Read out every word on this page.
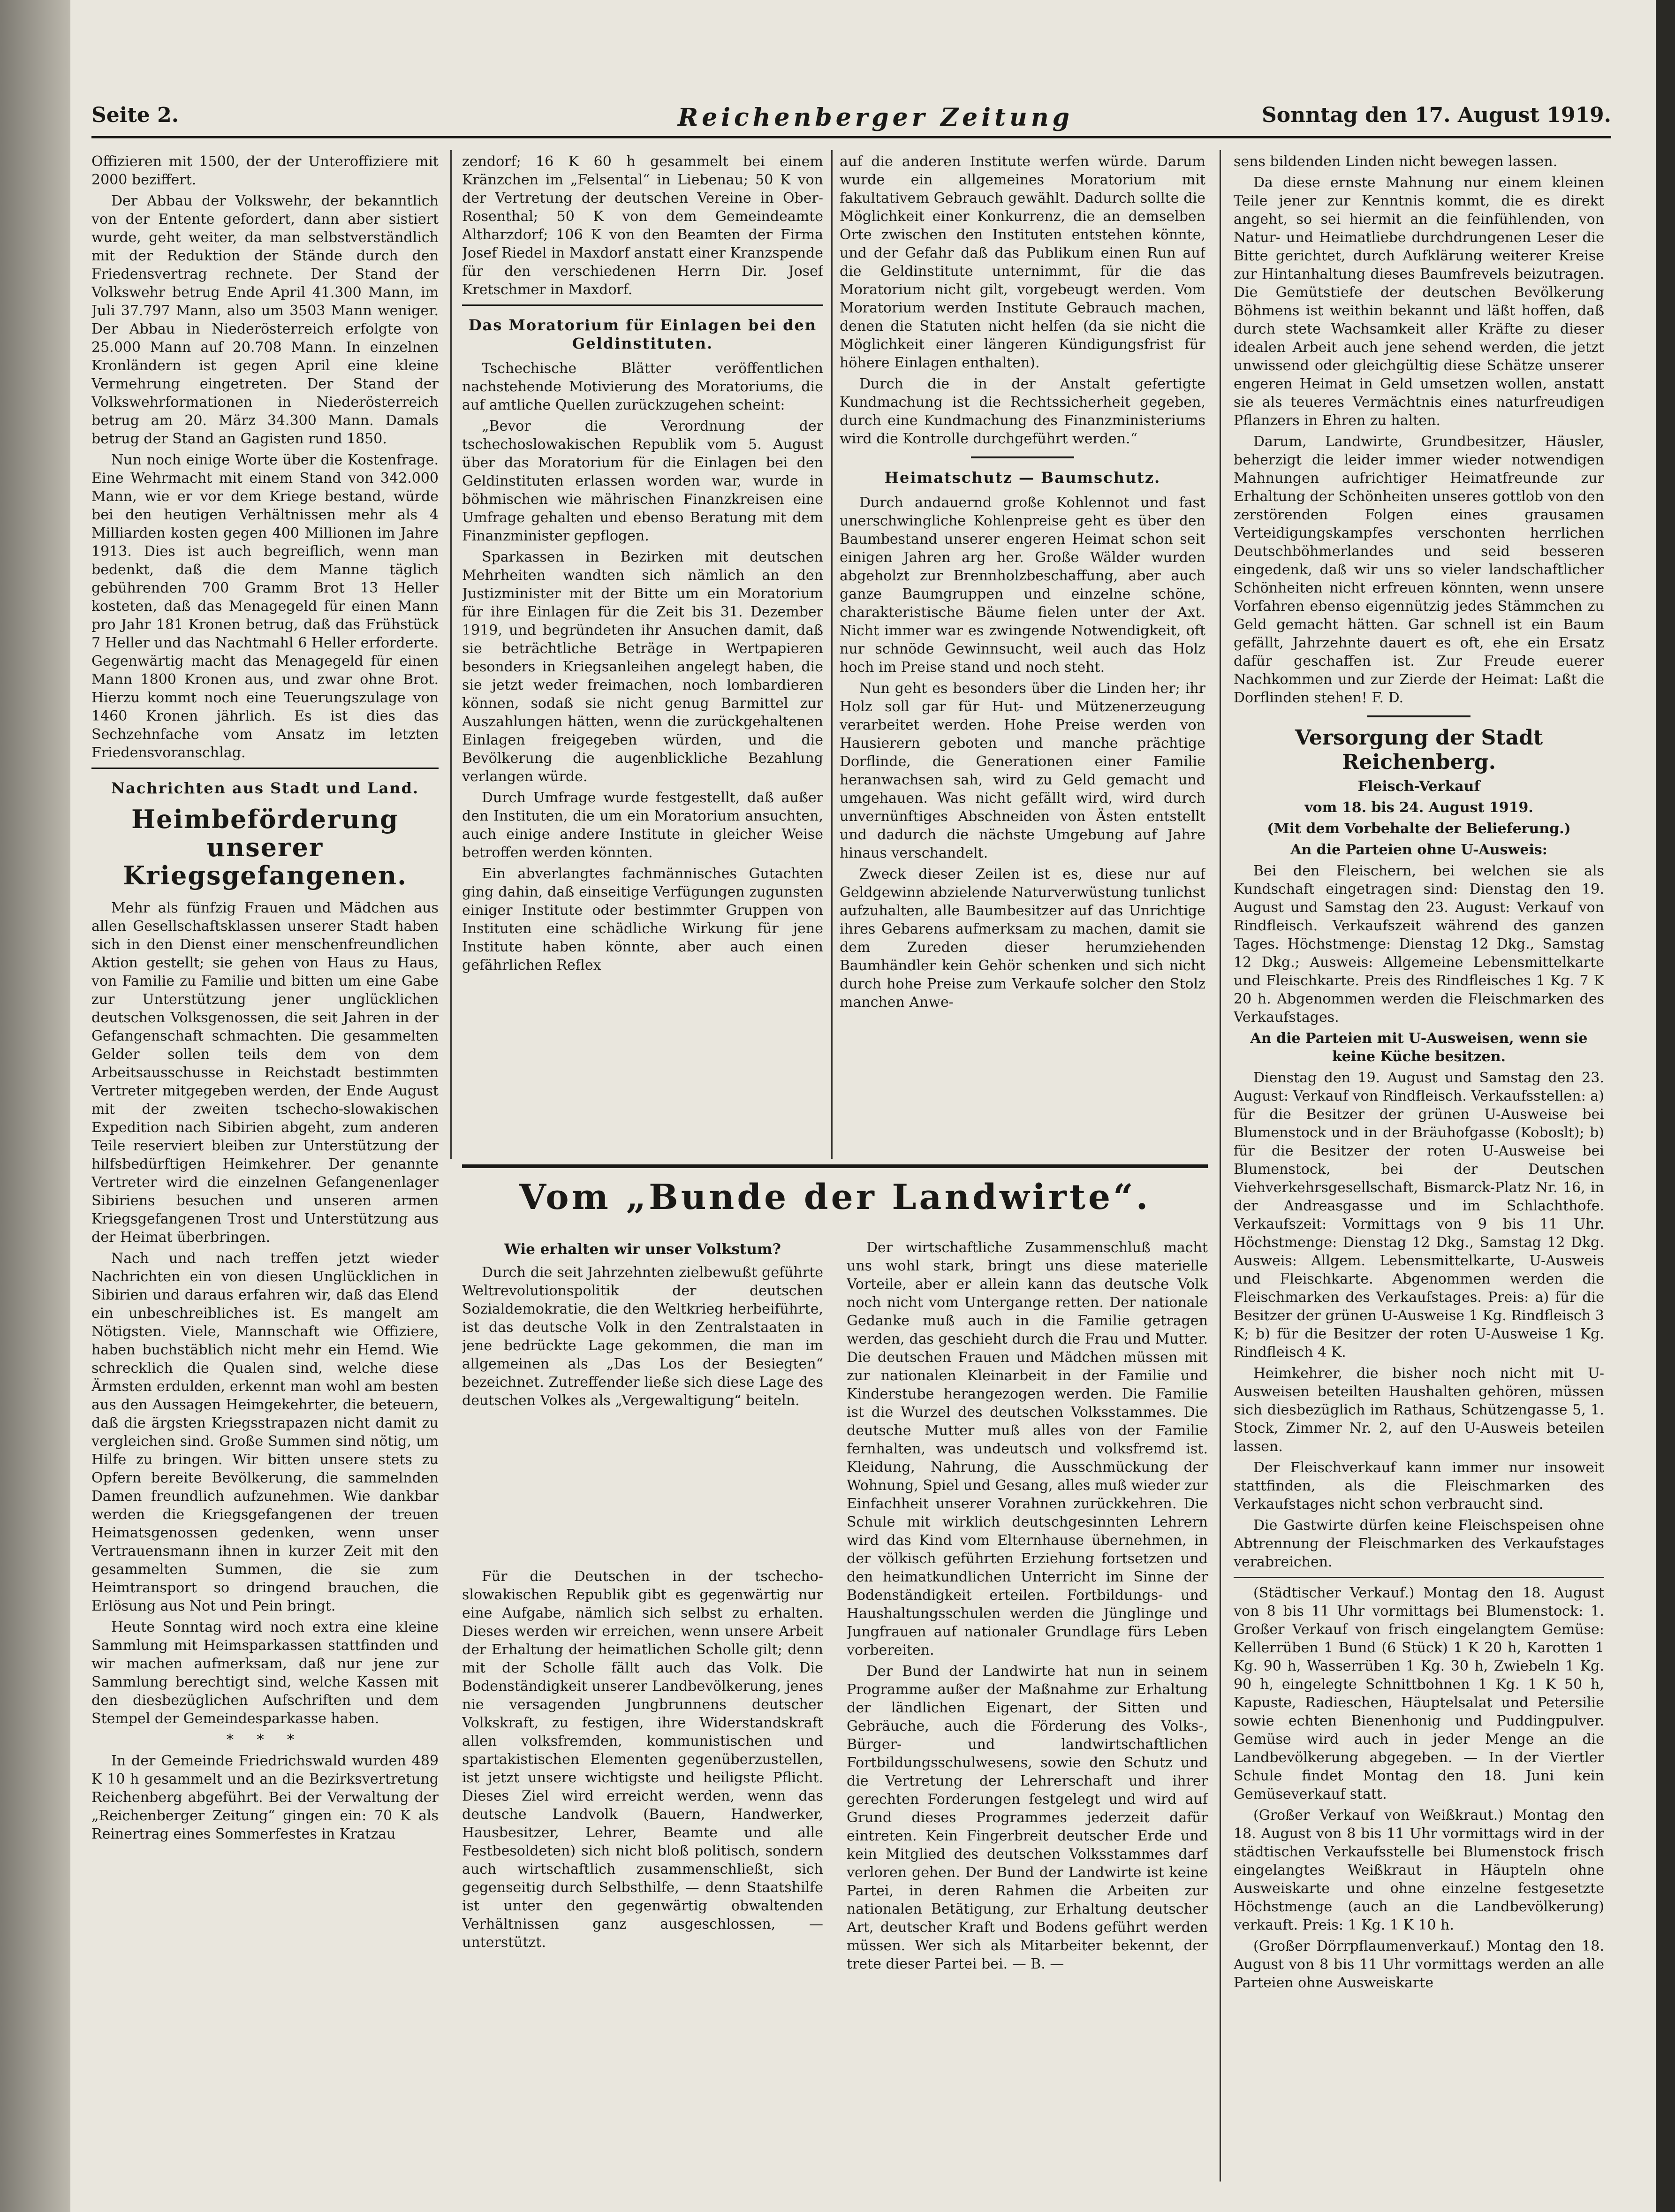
Seite 2.	Reichenberger Zeitung	Sonntag den 17. August 1919.

Offizieren mit 1500, der der Unteroffiziere mit 2000 beziffert.

Der Abbau der Volkswehr, der bekanntlich von der Entente gefordert, dann aber sistiert wurde, geht weiter, da man selbstverständlich mit der Reduktion der Stände durch den Friedensvertrag rechnete. Der Stand der Volkswehr betrug Ende April 41.300 Mann, im Juli 37.797 Mann, also um 3503 Mann weniger. Der Abbau in Niederösterreich erfolgte von 25.000 Mann auf 20.708 Mann. In einzelnen Kronländern ist gegen April eine kleine Vermehrung eingetreten. Der Stand der Volkswehrformationen in Niederösterreich betrug am 20. März 34.300 Mann. Damals betrug der Stand an Gagisten rund 1850.

Nun noch einige Worte über die Kostenfrage. Eine Wehrmacht mit einem Stand von 342.000 Mann, wie er vor dem Kriege bestand, würde bei den heutigen Verhältnissen mehr als 4 Milliarden kosten gegen 400 Millionen im Jahre 1913. Dies ist auch begreiflich, wenn man bedenkt, daß die dem Manne täglich gebührenden 700 Gramm Brot 13 Heller kosteten, daß das Menagegeld für einen Mann pro Jahr 181 Kronen betrug, daß das Frühstück 7 Heller und das Nachtmahl 6 Heller erforderte. Gegenwärtig macht das Menagegeld für einen Mann 1800 Kronen aus, und zwar ohne Brot. Hierzu kommt noch eine Teuerungszulage von 1460 Kronen jährlich. Es ist dies das Sechzehnfache vom Ansatz im letzten Friedensvoranschlag.

Nachrichten aus Stadt und Land.

Heimbeförderung unserer Kriegsgefangenen.

Mehr als fünfzig Frauen und Mädchen aus allen Gesellschaftsklassen unserer Stadt haben sich in den Dienst einer menschenfreundlichen Aktion gestellt; sie gehen von Haus zu Haus, von Familie zu Familie und bitten um eine Gabe zur Unterstützung jener unglücklichen deutschen Volksgenossen, die seit Jahren in der Gefangenschaft schmachten. Die gesammelten Gelder sollen teils dem von dem Arbeitsausschusse in Reichstadt bestimmten Vertreter mitgegeben werden, der Ende August mit der zweiten tschecho-slowakischen Expedition nach Sibirien abgeht, zum anderen Teile reserviert bleiben zur Unterstützung der hilfsbedürftigen Heimkehrer. Der genannte Vertreter wird die einzelnen Gefangenenlager Sibiriens besuchen und unseren armen Kriegsgefangenen Trost und Unterstützung aus der Heimat überbringen.

Nach und nach treffen jetzt wieder Nachrichten ein von diesen Unglücklichen in Sibirien und daraus erfahren wir, daß das Elend ein unbeschreibliches ist. Es mangelt am Nötigsten. Viele, Mannschaft wie Offiziere, haben buchstäblich nicht mehr ein Hemd. Wie schrecklich die Qualen sind, welche diese Ärmsten erdulden, erkennt man wohl am besten aus den Aussagen Heimgekehrter, die beteuern, daß die ärgsten Kriegsstrapazen nicht damit zu vergleichen sind. Große Summen sind nötig, um Hilfe zu bringen. Wir bitten unsere stets zu Opfern bereite Bevölkerung, die sammelnden Damen freundlich aufzunehmen. Wie dankbar werden die Kriegsgefangenen der treuen Heimatsgenossen gedenken, wenn unser Vertrauensmann ihnen in kurzer Zeit mit den gesammelten Summen, die sie zum Heimtransport so dringend brauchen, die Erlösung aus Not und Pein bringt.

Heute Sonntag wird noch extra eine kleine Sammlung mit Heimsparkassen stattfinden und wir machen aufmerksam, daß nur jene zur Sammlung berechtigt sind, welche Kassen mit den diesbezüglichen Aufschriften und dem Stempel der Gemeindesparkasse haben.

* * *

In der Gemeinde Friedrichswald wurden 489 K 10 h gesammelt und an die Bezirksvertretung Reichenberg abgeführt. Bei der Verwaltung der „Reichenberger Zeitung“ gingen ein: 70 K als Reinertrag eines Sommerfestes in Kratzau

zendorf; 16 K 60 h gesammelt bei einem Kränzchen im „Felsental“ in Liebenau; 50 K von der Vertretung der deutschen Vereine in Ober-Rosenthal; 50 K von dem Gemeindeamte Altharzdorf; 106 K von den Beamten der Firma Josef Riedel in Maxdorf anstatt einer Kranzspende für den verschiedenen Herrn Dir. Josef Kretschmer in Maxdorf.

Das Moratorium für Einlagen bei den Geldinstituten.

Tschechische Blätter veröffentlichen nachstehende Motivierung des Moratoriums, die auf amtliche Quellen zurückzugehen scheint:

„Bevor die Verordnung der tschechoslowakischen Republik vom 5. August über das Moratorium für die Einlagen bei den Geldinstituten erlassen worden war, wurde in böhmischen wie mährischen Finanzkreisen eine Umfrage gehalten und ebenso Beratung mit dem Finanzminister gepflogen.

Sparkassen in Bezirken mit deutschen Mehrheiten wandten sich nämlich an den Justizminister mit der Bitte um ein Moratorium für ihre Einlagen für die Zeit bis 31. Dezember 1919, und begründeten ihr Ansuchen damit, daß sie beträchtliche Beträge in Wertpapieren besonders in Kriegsanleihen angelegt haben, die sie jetzt weder freimachen, noch lombardieren können, sodaß sie nicht genug Barmittel zur Auszahlungen hätten, wenn die zurückgehaltenen Einlagen freigegeben würden, und die Bevölkerung die augenblickliche Bezahlung verlangen würde.

Durch Umfrage wurde festgestellt, daß außer den Instituten, die um ein Moratorium ansuchten, auch einige andere Institute in gleicher Weise betroffen werden könnten.

Ein abverlangtes fachmännisches Gutachten ging dahin, daß einseitige Verfügungen zugunsten einiger Institute oder bestimmter Gruppen von Instituten eine schädliche Wirkung für jene Institute haben könnte, aber auch einen gefährlichen Reflex

auf die anderen Institute werfen würde. Darum wurde ein allgemeines Moratorium mit fakultativem Gebrauch gewählt. Dadurch sollte die Möglichkeit einer Konkurrenz, die an demselben Orte zwischen den Instituten entstehen könnte, und der Gefahr daß das Publikum einen Run auf die Geldinstitute unternimmt, für die das Moratorium nicht gilt, vorgebeugt werden. Vom Moratorium werden Institute Gebrauch machen, denen die Statuten nicht helfen (da sie nicht die Möglichkeit einer längeren Kündigungsfrist für höhere Einlagen enthalten).

Durch die in der Anstalt gefertigte Kundmachung ist die Rechtssicherheit gegeben, durch eine Kundmachung des Finanzministeriums wird die Kontrolle durchgeführt werden.“

Heimatschutz — Baumschutz.

Durch andauernd große Kohlennot und fast unerschwingliche Kohlenpreise geht es über den Baumbestand unserer engeren Heimat schon seit einigen Jahren arg her. Große Wälder wurden abgeholzt zur Brennholzbeschaffung, aber auch ganze Baumgruppen und einzelne schöne, charakteristische Bäume fielen unter der Axt. Nicht immer war es zwingende Notwendigkeit, oft nur schnöde Gewinnsucht, weil auch das Holz hoch im Preise stand und noch steht.

Nun geht es besonders über die Linden her; ihr Holz soll gar für Hut- und Mützenerzeugung verarbeitet werden. Hohe Preise werden von Hausierern geboten und manche prächtige Dorflinde, die Generationen einer Familie heranwachsen sah, wird zu Geld gemacht und umgehauen. Was nicht gefällt wird, wird durch unvernünftiges Abschneiden von Ästen entstellt und dadurch die nächste Umgebung auf Jahre hinaus verschandelt.

Zweck dieser Zeilen ist es, diese nur auf Geldgewinn abzielende Naturverwüstung tunlichst aufzuhalten, alle Baumbesitzer auf das Unrichtige ihres Gebarens aufmerksam zu machen, damit sie dem Zureden dieser herumziehenden Baumhändler kein Gehör schenken und sich nicht durch hohe Preise zum Verkaufe solcher den Stolz manchen Anwe-

Vom „Bunde der Landwirte“.

Wie erhalten wir unser Volkstum?

Durch die seit Jahrzehnten zielbewußt geführte Weltrevolutionspolitik der deutschen Sozialdemokratie, die den Weltkrieg herbeiführte, ist das deutsche Volk in den Zentralstaaten in jene bedrückte Lage gekommen, die man im allgemeinen als „Das Los der Besiegten“ bezeichnet. Zutreffender ließe sich diese Lage des deutschen Volkes als „Vergewaltigung“ beiteln.

Für die Deutschen in der tschecho-slowakischen Republik gibt es gegenwärtig nur eine Aufgabe, nämlich sich selbst zu erhalten. Dieses werden wir erreichen, wenn unsere Arbeit der Erhaltung der heimatlichen Scholle gilt; denn mit der Scholle fällt auch das Volk. Die Bodenständigkeit unserer Landbevölkerung, jenes nie versagenden Jungbrunnens deutscher Volkskraft, zu festigen, ihre Widerstandskraft allen volksfremden, kommunistischen und spartakistischen Elementen gegenüberzustellen, ist jetzt unsere wichtigste und heiligste Pflicht. Dieses Ziel wird erreicht werden, wenn das deutsche Landvolk (Bauern, Handwerker, Hausbesitzer, Lehrer, Beamte und alle Festbesoldeten) sich nicht bloß politisch, sondern auch wirtschaftlich zusammenschließt, sich gegenseitig durch Selbsthilfe, — denn Staatshilfe ist unter den gegenwärtig obwaltenden Verhältnissen ganz ausgeschlossen, — unterstützt.

Der wirtschaftliche Zusammenschluß macht uns wohl stark, bringt uns diese materielle Vorteile, aber er allein kann das deutsche Volk noch nicht vom Untergange retten. Der nationale Gedanke muß auch in die Familie getragen werden, das geschieht durch die Frau und Mutter. Die deutschen Frauen und Mädchen müssen mit zur nationalen Kleinarbeit in der Familie und Kinderstube herangezogen werden. Die Familie ist die Wurzel des deutschen Volksstammes. Die deutsche Mutter muß alles von der Familie fernhalten, was undeutsch und volksfremd ist. Kleidung, Nahrung, die Ausschmückung der Wohnung, Spiel und Gesang, alles muß wieder zur Einfachheit unserer Vorahnen zurückkehren. Die Schule mit wirklich deutschgesinnten Lehrern wird das Kind vom Elternhause übernehmen, in der völkisch geführten Erziehung fortsetzen und den heimatkundlichen Unterricht im Sinne der Bodenständigkeit erteilen. Fortbildungs- und Haushaltungsschulen werden die Jünglinge und Jungfrauen auf nationaler Grundlage fürs Leben vorbereiten.

Der Bund der Landwirte hat nun in seinem Programme außer der Maßnahme zur Erhaltung der ländlichen Eigenart, der Sitten und Gebräuche, auch die Förderung des Volks-, Bürger- und landwirtschaftlichen Fortbildungsschulwesens, sowie den Schutz und die Vertretung der Lehrerschaft und ihrer gerechten Forderungen festgelegt und wird auf Grund dieses Programmes jederzeit dafür eintreten. Kein Fingerbreit deutscher Erde und kein Mitglied des deutschen Volksstammes darf verloren gehen. Der Bund der Landwirte ist keine Partei, in deren Rahmen die Arbeiten zur nationalen Betätigung, zur Erhaltung deutscher Art, deutscher Kraft und Bodens geführt werden müssen. Wer sich als Mitarbeiter bekennt, der trete dieser Partei bei. — B. —

sens bildenden Linden nicht bewegen lassen.

Da diese ernste Mahnung nur einem kleinen Teile jener zur Kenntnis kommt, die es direkt angeht, so sei hiermit an die feinfühlenden, von Natur- und Heimatliebe durchdrungenen Leser die Bitte gerichtet, durch Aufklärung weiterer Kreise zur Hintanhaltung dieses Baumfrevels beizutragen. Die Gemütstiefe der deutschen Bevölkerung Böhmens ist weithin bekannt und läßt hoffen, daß durch stete Wachsamkeit aller Kräfte zu dieser idealen Arbeit auch jene sehend werden, die jetzt unwissend oder gleichgültig diese Schätze unserer engeren Heimat in Geld umsetzen wollen, anstatt sie als teueres Vermächtnis eines naturfreudigen Pflanzers in Ehren zu halten.

Darum, Landwirte, Grundbesitzer, Häusler, beherzigt die leider immer wieder notwendigen Mahnungen aufrichtiger Heimatfreunde zur Erhaltung der Schönheiten unseres gottlob von den zerstörenden Folgen eines grausamen Verteidigungskampfes verschonten herrlichen Deutschböhmerlandes und seid besseren eingedenk, daß wir uns so vieler landschaftlicher Schönheiten nicht erfreuen könnten, wenn unsere Vorfahren ebenso eigennützig jedes Stämmchen zu Geld gemacht hätten. Gar schnell ist ein Baum gefällt, Jahrzehnte dauert es oft, ehe ein Ersatz dafür geschaffen ist. Zur Freude euerer Nachkommen und zur Zierde der Heimat: Laßt die Dorflinden stehen! F. D.

Versorgung der Stadt Reichenberg.

Fleisch-Verkauf

vom 18. bis 24. August 1919.

(Mit dem Vorbehalte der Belieferung.)

An die Parteien ohne U-Ausweis:

Bei den Fleischern, bei welchen sie als Kundschaft eingetragen sind: Dienstag den 19. August und Samstag den 23. August: Verkauf von Rindfleisch. Verkaufszeit während des ganzen Tages. Höchstmenge: Dienstag 12 Dkg., Samstag 12 Dkg.; Ausweis: Allgemeine Lebensmittelkarte und Fleischkarte. Preis des Rindfleisches 1 Kg. 7 K 20 h. Abgenommen werden die Fleischmarken des Verkaufstages.

An die Parteien mit U-Ausweisen, wenn sie keine Küche besitzen.

Dienstag den 19. August und Samstag den 23. August: Verkauf von Rindfleisch. Verkaufsstellen: a) für die Besitzer der grünen U-Ausweise bei Blumenstock und in der Bräuhofgasse (Koboslt); b) für die Besitzer der roten U-Ausweise bei Blumenstock, bei der Deutschen Viehverkehrsgesellschaft, Bismarck-Platz Nr. 16, in der Andreasgasse und im Schlachthofe. Verkaufszeit: Vormittags von 9 bis 11 Uhr. Höchstmenge: Dienstag 12 Dkg., Samstag 12 Dkg. Ausweis: Allgem. Lebensmittelkarte, U-Ausweis und Fleischkarte. Abgenommen werden die Fleischmarken des Verkaufstages. Preis: a) für die Besitzer der grünen U-Ausweise 1 Kg. Rindfleisch 3 K; b) für die Besitzer der roten U-Ausweise 1 Kg. Rindfleisch 4 K.

Heimkehrer, die bisher noch nicht mit U-Ausweisen beteilten Haushalten gehören, müssen sich diesbezüglich im Rathaus, Schützengasse 5, 1. Stock, Zimmer Nr. 2, auf den U-Ausweis beteilen lassen.

Der Fleischverkauf kann immer nur insoweit stattfinden, als die Fleischmarken des Verkaufstages nicht schon verbraucht sind.

Die Gastwirte dürfen keine Fleischspeisen ohne Abtrennung der Fleischmarken des Verkaufstages verabreichen.

(Städtischer Verkauf.) Montag den 18. August von 8 bis 11 Uhr vormittags bei Blumenstock: 1. Großer Verkauf von frisch eingelangtem Gemüse: Kellerrüben 1 Bund (6 Stück) 1 K 20 h, Karotten 1 Kg. 90 h, Wasserrüben 1 Kg. 30 h, Zwiebeln 1 Kg. 90 h, eingelegte Schnittbohnen 1 Kg. 1 K 50 h, Kapuste, Radieschen, Häuptelsalat und Petersilie sowie echten Bienenhonig und Puddingpulver. Gemüse wird auch in jeder Menge an die Landbevölkerung abgegeben. — In der Viertler Schule findet Montag den 18. Juni kein Gemüseverkauf statt.

(Großer Verkauf von Weißkraut.) Montag den 18. August von 8 bis 11 Uhr vormittags wird in der städtischen Verkaufsstelle bei Blumenstock frisch eingelangtes Weißkraut in Häupteln ohne Ausweiskarte und ohne einzelne festgesetzte Höchstmenge (auch an die Landbevölkerung) verkauft. Preis: 1 Kg. 1 K 10 h.

(Großer Dörrpflaumenverkauf.) Montag den 18. August von 8 bis 11 Uhr vormittags werden an alle Parteien ohne Ausweiskarte
